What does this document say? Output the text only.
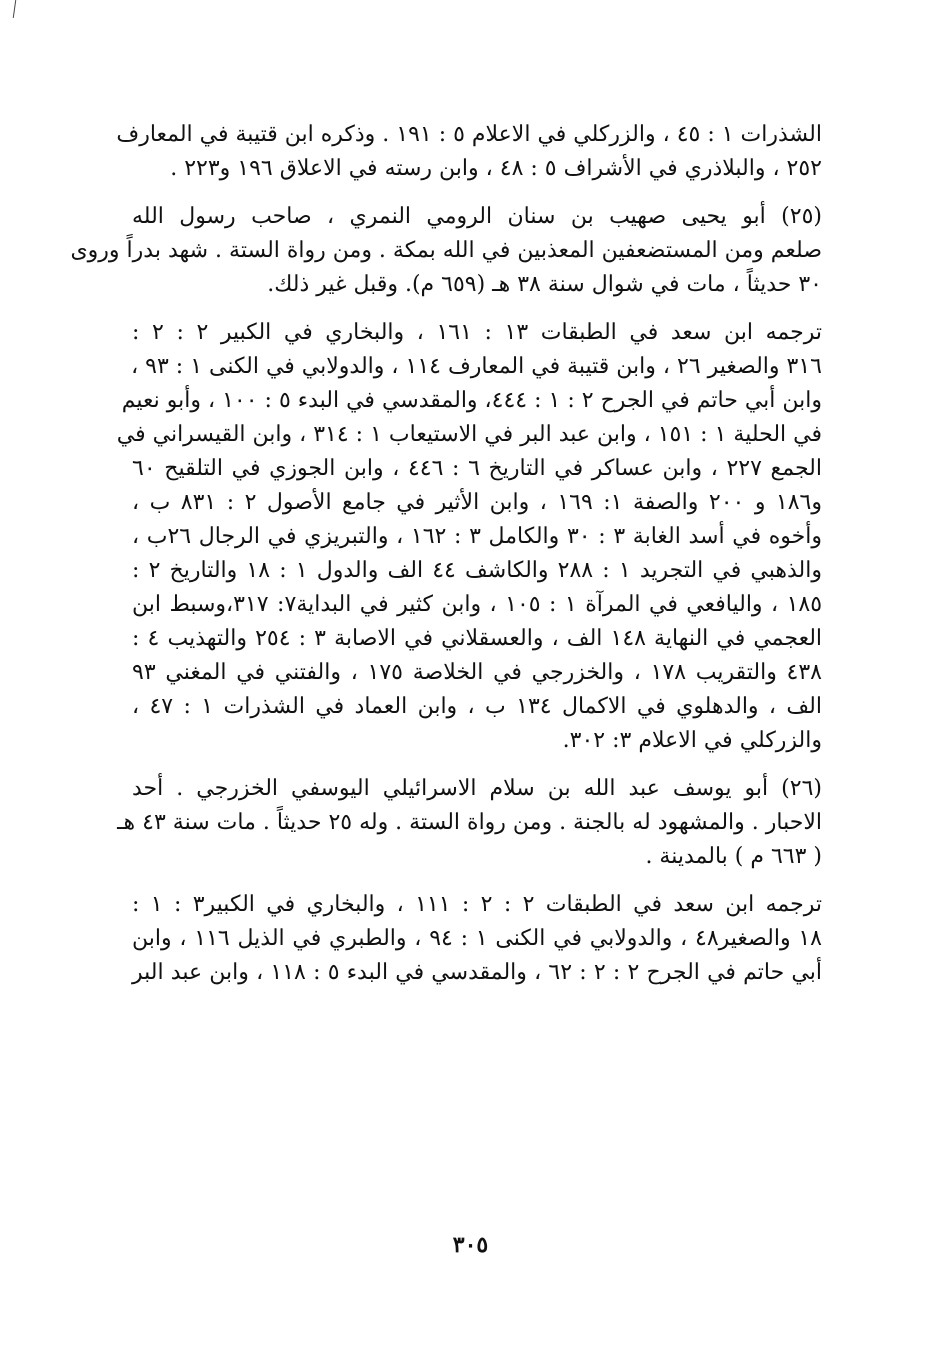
الشذرات ١ : ٤٥ ، والزركلي في الاعلام ٥ : ١٩١ . وذكره ابن قتيبة في المعارف
٢٥٢ ، والبلاذري في الأشراف ٥ : ٤٨ ، وابن رسته في الاعلاق ١٩٦ و٢٢٣ .
(٢٥) أبو يحيى صهيب بن سنان الرومي النمري ، صاحب رسول الله
صلعم ومن المستضعفين المعذبين في الله بمكة . ومن رواة الستة . شهد بدراً وروى
٣٠ حديثاً ، مات في شوال سنة ٣٨ هـ (٦٥٩ م). وقبل غير ذلك.
ترجمه ابن سعد في الطبقات ١٣ : ١٦١ ، والبخاري في الكبير ٢ : ٢ :
٣١٦ والصغير ٢٦ ، وابن قتيبة في المعارف ١١٤ ، والدولابي في الكنى ١ : ٩٣ ،
وابن أبي حاتم في الجرح ٢ : ١ : ٤٤٤، والمقدسي في البدء ٥ : ١٠٠ ، وأبو نعيم
في الحلية ١ : ١٥١ ، وابن عبد البر في الاستيعاب ١ : ٣١٤ ، وابن القيسراني في
الجمع ٢٢٧ ، وابن عساكر في التاريخ ٦ : ٤٤٦ ، وابن الجوزي في التلقيح ٦٠
و١٨٦ و ٢٠٠ والصفة ١: ١٦٩ ، وابن الأثير في جامع الأصول ٢ : ٨٣١ ب ،
وأخوه في أسد الغابة ٣ : ٣٠ والكامل ٣ : ١٦٢ ، والتبريزي في الرجال ٢٦ب ،
والذهبي في التجريد ١ : ٢٨٨ والكاشف ٤٤ الف والدول ١ : ١٨ والتاريخ ٢ :
١٨٥ ، واليافعي في المرآة ١ : ١٠٥ ، وابن كثير في البداية٧: ٣١٧،وسبط ابن
العجمي في النهاية ١٤٨ الف ، والعسقلاني في الاصابة ٣ : ٢٥٤ والتهذيب ٤ :
٤٣٨ والتقريب ١٧٨ ، والخزرجي في الخلاصة ١٧٥ ، والفتني في المغني ٩٣
الف ، والدهلوي في الاكمال ١٣٤ ب ، وابن العماد في الشذرات ١ : ٤٧ ،
والزركلي في الاعلام ٣: ٣٠٢.
(٢٦) أبو يوسف عبد الله بن سلام الاسرائيلي اليوسفي الخزرجي . أحد
الاحبار . والمشهود له بالجنة . ومن رواة الستة . وله ٢٥ حديثاً . مات سنة ٤٣ هـ
( ٦٦٣ م ) بالمدينة .
ترجمه ابن سعد في الطبقات ٢ : ٢ : ١١١ ، والبخاري في الكبير٣ : ١ :
١٨ والصغير٤٨ ، والدولابي في الكنى ١ : ٩٤ ، والطبري في الذيل ١١٦ ، وابن
أبي حاتم في الجرح ٢ : ٢ : ٦٢ ، والمقدسي في البدء ٥ : ١١٨ ، وابن عبد البر
٣٠٥
